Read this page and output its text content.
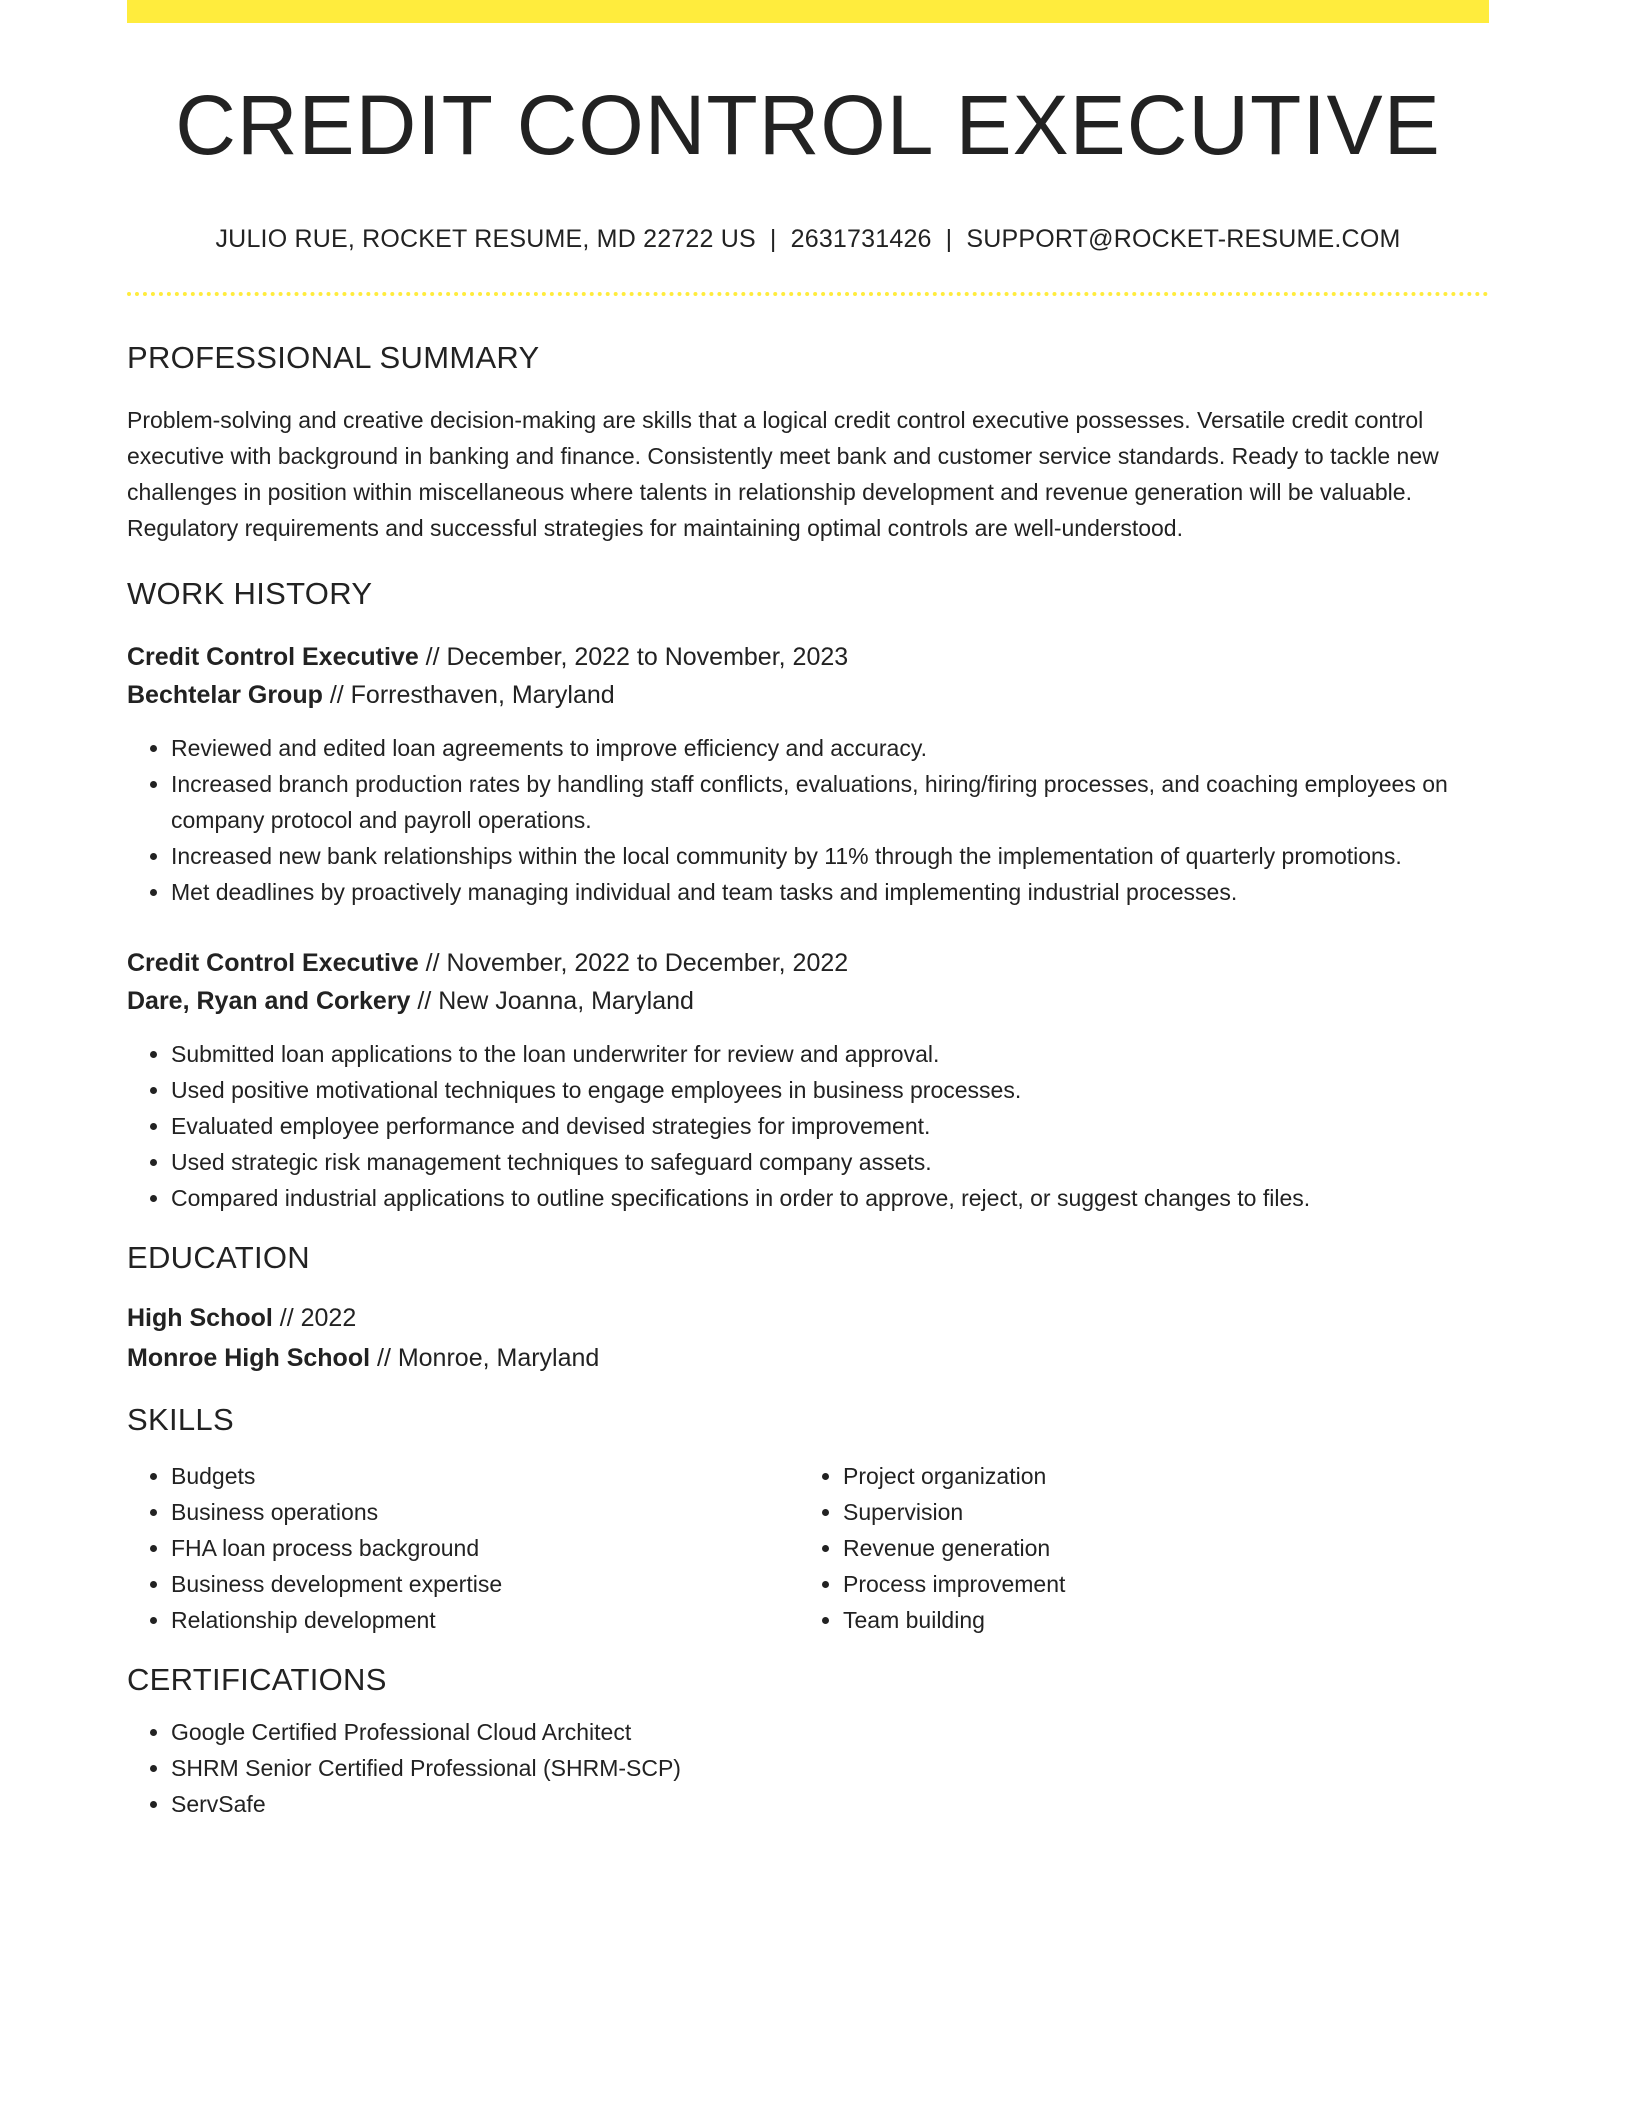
CREDIT CONTROL EXECUTIVE
JULIO RUE, ROCKET RESUME, MD 22722 US | 2631731426 | SUPPORT@ROCKET-RESUME.COM
PROFESSIONAL SUMMARY

Problem-solving and creative decision-making are skills that a logical credit control executive possesses. Versatile credit control executive with background in banking and finance. Consistently meet bank and customer service standards. Ready to tackle new challenges in position within miscellaneous where talents in relationship development and revenue generation will be valuable. Regulatory requirements and successful strategies for maintaining optimal controls are well-understood.

WORK HISTORY
Credit Control Executive // December, 2022 to November, 2023
Bechtelar Group // Forresthaven, Maryland
• Reviewed and edited loan agreements to improve efficiency and accuracy.
• Increased branch production rates by handling staff conflicts, evaluations, hiring/firing processes, and coaching employees on company protocol and payroll operations.
• Increased new bank relationships within the local community by 11% through the implementation of quarterly promotions.
• Met deadlines by proactively managing individual and team tasks and implementing industrial processes.
Credit Control Executive // November, 2022 to December, 2022
Dare, Ryan and Corkery // New Joanna, Maryland
• Submitted loan applications to the loan underwriter for review and approval.
• Used positive motivational techniques to engage employees in business processes.
• Evaluated employee performance and devised strategies for improvement.
• Used strategic risk management techniques to safeguard company assets.
• Compared industrial applications to outline specifications in order to approve, reject, or suggest changes to files.
EDUCATION
High School // 2022
Monroe High School // Monroe, Maryland
SKILLS
• Budgets
• Business operations
• FHA loan process background
• Business development expertise
• Relationship development
• Project organization
• Supervision
• Revenue generation
• Process improvement
• Team building
CERTIFICATIONS
• Google Certified Professional Cloud Architect
• SHRM Senior Certified Professional (SHRM-SCP)
• ServSafe
